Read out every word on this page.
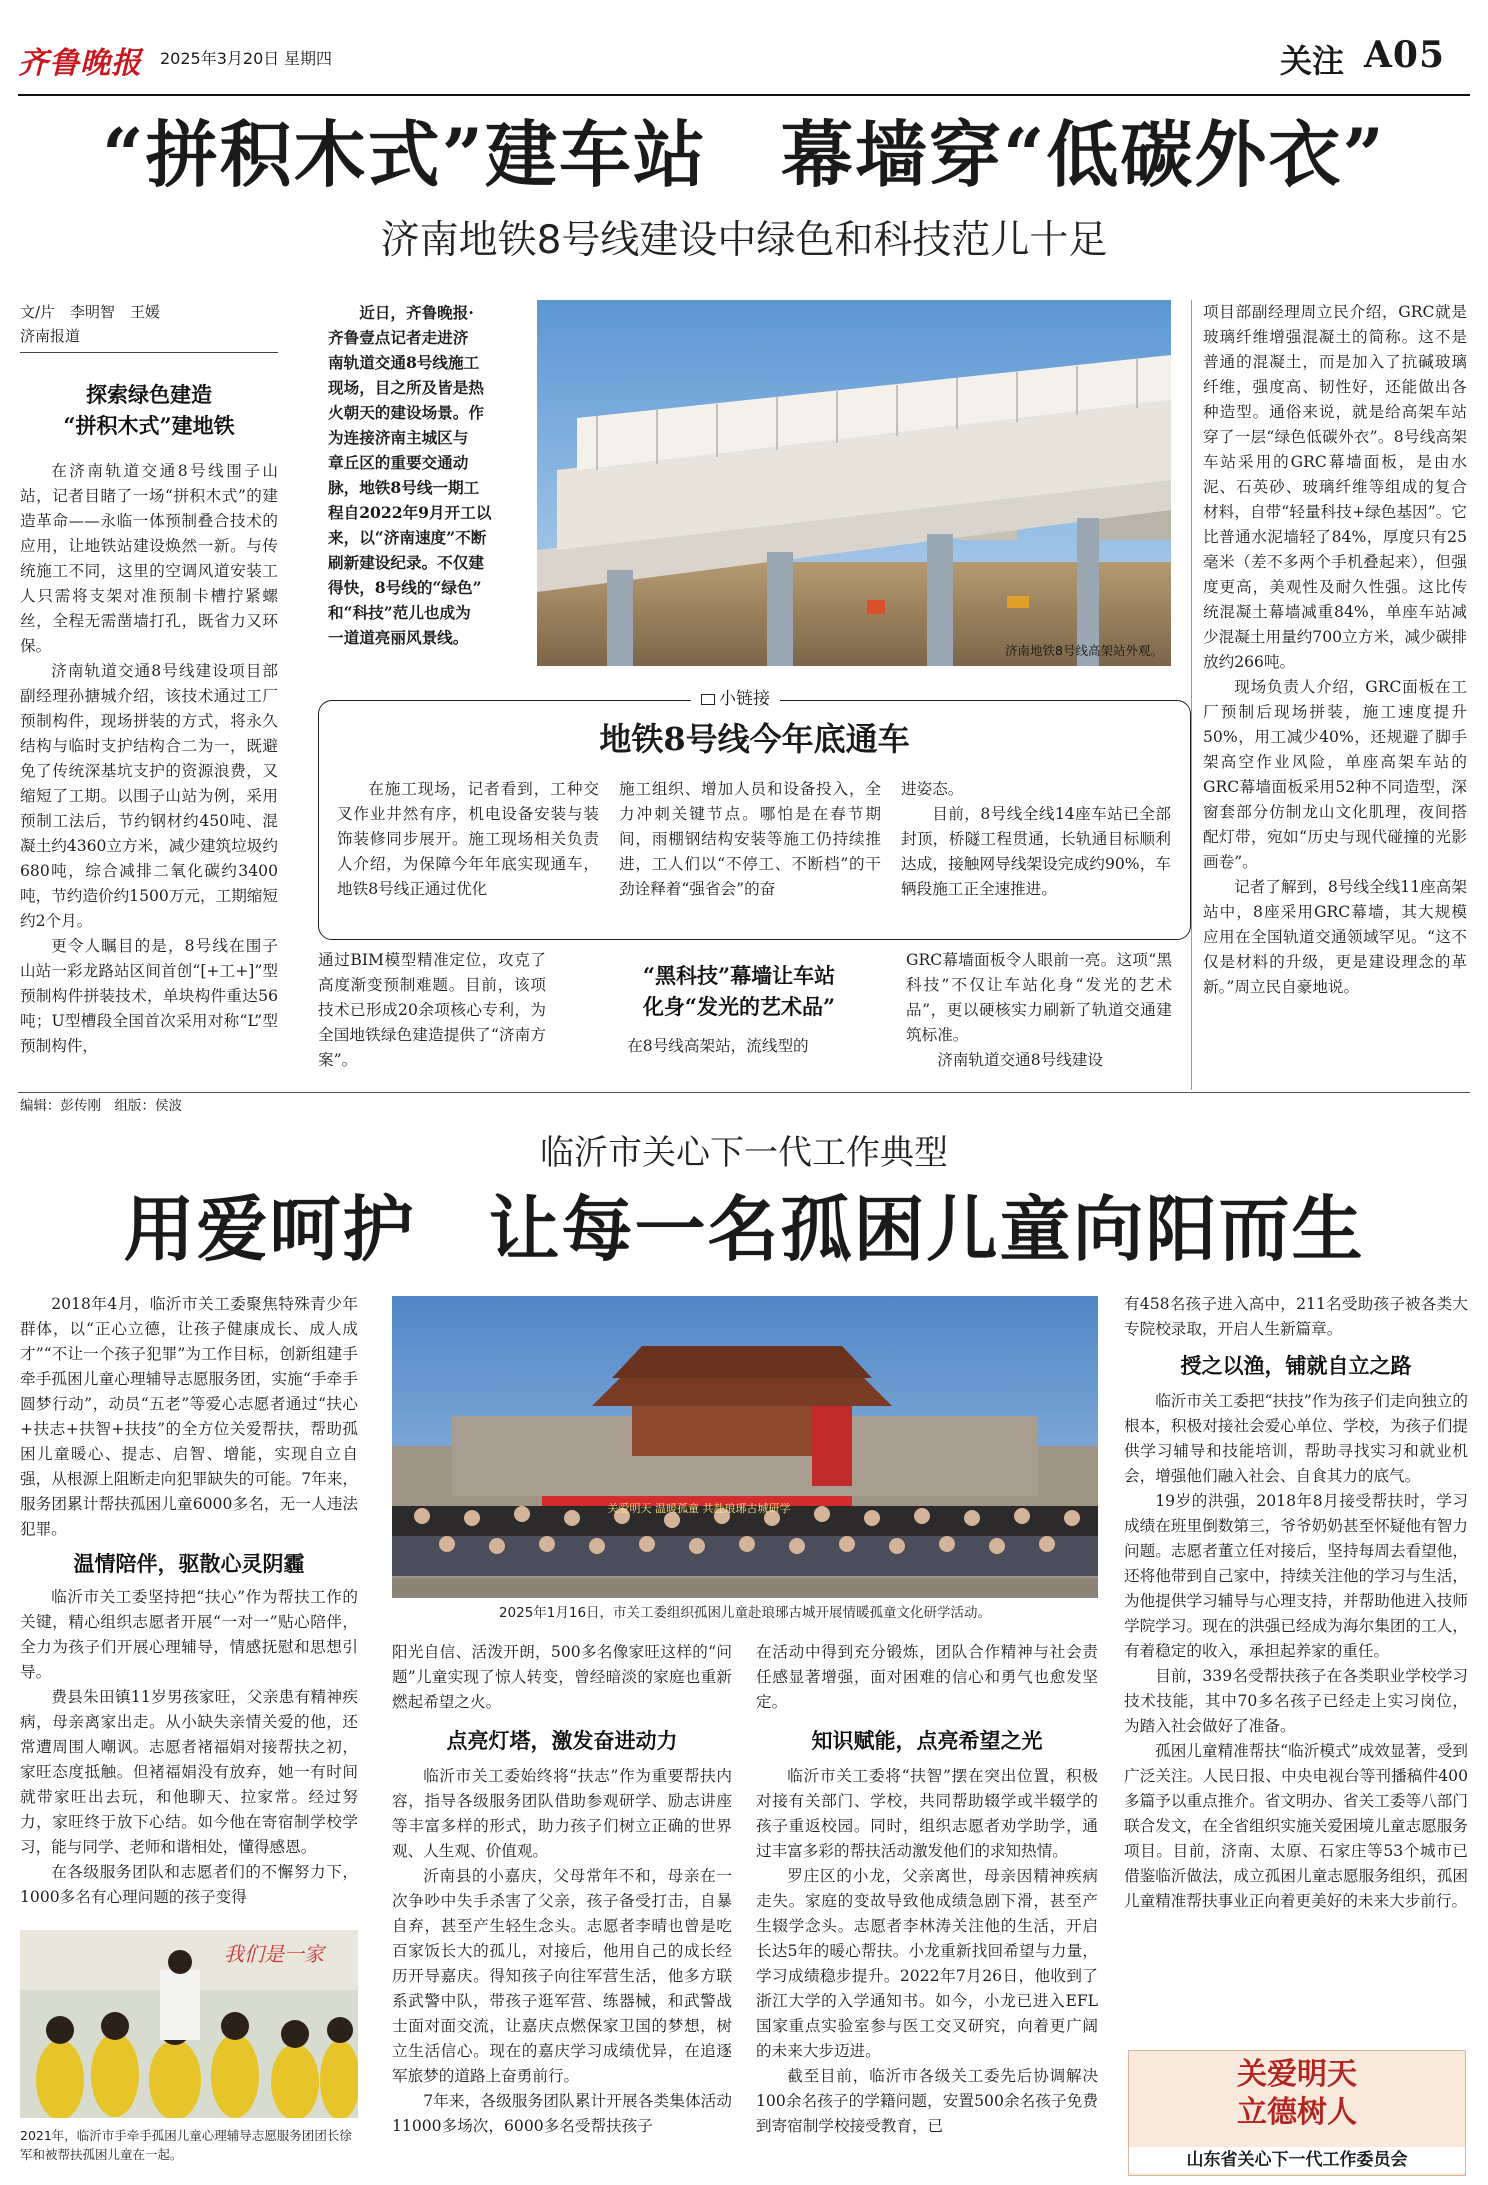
齐鲁晚报 2025年3月20日 星期四	关注 A05
“拼积木式”建车站　幕墙穿“低碳外衣”
济南地铁8号线建设中绿色和科技范儿十足
文/片　李明智　王媛
济南报道
探索绿色建造
“拼积木式”建地铁

在济南轨道交通8号线围子山站，记者目睹了一场“拼积木式”的建造革命——永临一体预制叠合技术的应用，让地铁站建设焕然一新。与传统施工不同，这里的空调风道安装工人只需将支架对准预制卡槽拧紧螺丝，全程无需凿墙打孔，既省力又环保。

济南轨道交通8号线建设项目部副经理孙搪城介绍，该技术通过工厂预制构件，现场拼装的方式，将永久结构与临时支护结构合二为一，既避免了传统深基坑支护的资源浪费，又缩短了工期。以围子山站为例，采用预制工法后，节约钢材约450吨、混凝土约4360立方米，减少建筑垃圾约680吨，综合减排二氧化碳约3400吨，节约造价约1500万元，工期缩短约2个月。

更令人瞩目的是，8号线在围子山站一彩龙路站区间首创“[+工+]”型预制构件拼装技术，单块构件重达56吨；U型槽段全国首次采用对称“L”型预制构件，

近日，齐鲁晚报·
齐鲁壹点记者走进济
南轨道交通8号线施工
现场，目之所及皆是热
火朝天的建设场景。作
为连接济南主城区与
章丘区的重要交通动
脉，地铁8号线一期工
程自2022年9月开工以
来，以“济南速度”不断
刷新建设纪录。不仅建
得快，8号线的“绿色”
和“科技”范儿也成为
一道道亮丽风景线。
济南地铁8号线高架站外观。

项目部副经理周立民介绍，GRC就是玻璃纤维增强混凝土的简称。这不是普通的混凝土，而是加入了抗碱玻璃纤维，强度高、韧性好，还能做出各种造型。通俗来说，就是给高架车站穿了一层“绿色低碳外衣”。8号线高架车站采用的GRC幕墙面板，是由水泥、石英砂、玻璃纤维等组成的复合材料，自带“轻量科技+绿色基因”。它比普通水泥墙轻了84%，厚度只有25毫米（差不多两个手机叠起来），但强度更高，美观性及耐久性强。这比传统混凝土幕墙减重84%，单座车站减少混凝土用量约700立方米，减少碳排放约266吨。

现场负责人介绍，GRC面板在工厂预制后现场拼装，施工速度提升50%，用工减少40%，还规避了脚手架高空作业风险，单座高架车站的GRC幕墙面板采用52种不同造型，深窗套部分仿制龙山文化肌理，夜间搭配灯带，宛如“历史与现代碰撞的光影画卷”。

记者了解到，8号线全线11座高架站中，8座采用GRC幕墙，其大规模应用在全国轨道交通领域罕见。“这不仅是材料的升级，更是建设理念的革新。”周立民自豪地说。

小链接
地铁8号线今年底通车

在施工现场，记者看到，工种交叉作业井然有序，机电设备安装与装饰装修同步展开。施工现场相关负责人介绍，为保障今年年底实现通车，地铁8号线正通过优化

施工组织、增加人员和设备投入，全力冲刺关键节点。哪怕是在春节期间，雨棚钢结构安装等施工仍持续推进，工人们以“不停工、不断档”的干劲诠释着“强省会”的奋

进姿态。

目前，8号线全线14座车站已全部封顶，桥隧工程贯通，长轨通目标顺利达成，接触网导线架设完成约90%，车辆段施工正全速推进。

通过BIM模型精准定位，攻克了高度渐变预制难题。目前，该项技术已形成20余项核心专利，为全国地铁绿色建造提供了“济南方案”。

“黑科技”幕墙让车站
化身“发光的艺术品”

在8号线高架站，流线型的

GRC幕墙面板令人眼前一亮。这项“黑科技”不仅让车站化身“发光的艺术品”，更以硬核实力刷新了轨道交通建筑标准。

济南轨道交通8号线建设

编辑：彭传刚　组版：侯波
临沂市关心下一代工作典型
用爱呵护　让每一名孤困儿童向阳而生

2018年4月，临沂市关工委聚焦特殊青少年群体，以“正心立德，让孩子健康成长、成人成才”“不让一个孩子犯罪”为工作目标，创新组建手牵手孤困儿童心理辅导志愿服务团，实施“手牵手圆梦行动”，动员“五老”等爱心志愿者通过“扶心+扶志+扶智+扶技”的全方位关爱帮扶，帮助孤困儿童暖心、提志、启智、增能，实现自立自强，从根源上阻断走向犯罪缺失的可能。7年来，服务团累计帮扶孤困儿童6000多名，无一人违法犯罪。

温情陪伴，驱散心灵阴霾

临沂市关工委坚持把“扶心”作为帮扶工作的关键，精心组织志愿者开展“一对一”贴心陪伴，全力为孩子们开展心理辅导，情感抚慰和思想引导。

费县朱田镇11岁男孩家旺，父亲患有精神疾病，母亲离家出走。从小缺失亲情关爱的他，还常遭周围人嘲讽。志愿者褚福娟对接帮扶之初，家旺态度抵触。但褚福娟没有放弃，她一有时间就带家旺出去玩，和他聊天、拉家常。经过努力，家旺终于放下心结。如今他在寄宿制学校学习，能与同学、老师和谐相处，懂得感恩。

在各级服务团队和志愿者们的不懈努力下，1000多名有心理问题的孩子变得

我们是一家
2021年，临沂市手牵手孤困儿童心理辅导志愿服务团团长徐军和被帮扶孤困儿童在一起。
关爱明天 温暖孤童 共赴琅琊古城研学
2025年1月16日，市关工委组织孤困儿童赴琅琊古城开展情暖孤童文化研学活动。

阳光自信、活泼开朗，500多名像家旺这样的“问题”儿童实现了惊人转变，曾经暗淡的家庭也重新燃起希望之火。

点亮灯塔，激发奋进动力

临沂市关工委始终将“扶志”作为重要帮扶内容，指导各级服务团队借助参观研学、励志讲座等丰富多样的形式，助力孩子们树立正确的世界观、人生观、价值观。

沂南县的小嘉庆，父母常年不和，母亲在一次争吵中失手杀害了父亲，孩子备受打击，自暴自弃，甚至产生轻生念头。志愿者李晴也曾是吃百家饭长大的孤儿，对接后，他用自己的成长经历开导嘉庆。得知孩子向往军营生活，他多方联系武警中队，带孩子逛军营、练器械，和武警战士面对面交流，让嘉庆点燃保家卫国的梦想，树立生活信心。现在的嘉庆学习成绩优异，在追逐军旅梦的道路上奋勇前行。

7年来，各级服务团队累计开展各类集体活动11000多场次，6000多名受帮扶孩子

在活动中得到充分锻炼，团队合作精神与社会责任感显著增强，面对困难的信心和勇气也愈发坚定。

知识赋能，点亮希望之光

临沂市关工委将“扶智”摆在突出位置，积极对接有关部门、学校，共同帮助辍学或半辍学的孩子重返校园。同时，组织志愿者劝学助学，通过丰富多彩的帮扶活动激发他们的求知热情。

罗庄区的小龙，父亲离世，母亲因精神疾病走失。家庭的变故导致他成绩急剧下滑，甚至产生辍学念头。志愿者李林涛关注他的生活，开启长达5年的暖心帮扶。小龙重新找回希望与力量，学习成绩稳步提升。2022年7月26日，他收到了浙江大学的入学通知书。如今，小龙已进入EFL国家重点实验室参与医工交叉研究，向着更广阔的未来大步迈进。

截至目前，临沂市各级关工委先后协调解决100余名孩子的学籍问题，安置500余名孩子免费到寄宿制学校接受教育，已

有458名孩子进入高中，211名受助孩子被各类大专院校录取，开启人生新篇章。

授之以渔，铺就自立之路

临沂市关工委把“扶技”作为孩子们走向独立的根本，积极对接社会爱心单位、学校，为孩子们提供学习辅导和技能培训，帮助寻找实习和就业机会，增强他们融入社会、自食其力的底气。

19岁的洪强，2018年8月接受帮扶时，学习成绩在班里倒数第三，爷爷奶奶甚至怀疑他有智力问题。志愿者董立任对接后，坚持每周去看望他，还将他带到自己家中，持续关注他的学习与生活，为他提供学习辅导与心理支持，并帮助他进入技师学院学习。现在的洪强已经成为海尔集团的工人，有着稳定的收入，承担起养家的重任。

目前，339名受帮扶孩子在各类职业学校学习技术技能，其中70多名孩子已经走上实习岗位，为踏入社会做好了准备。

孤困儿童精准帮扶“临沂模式”成效显著，受到广泛关注。人民日报、中央电视台等刊播稿件400多篇予以重点推介。省文明办、省关工委等八部门联合发文，在全省组织实施关爱困境儿童志愿服务项目。目前，济南、太原、石家庄等53个城市已借鉴临沂做法，成立孤困儿童志愿服务组织，孤困儿童精准帮扶事业正向着更美好的未来大步前行。

关爱明天
立德树人
山东省关心下一代工作委员会
